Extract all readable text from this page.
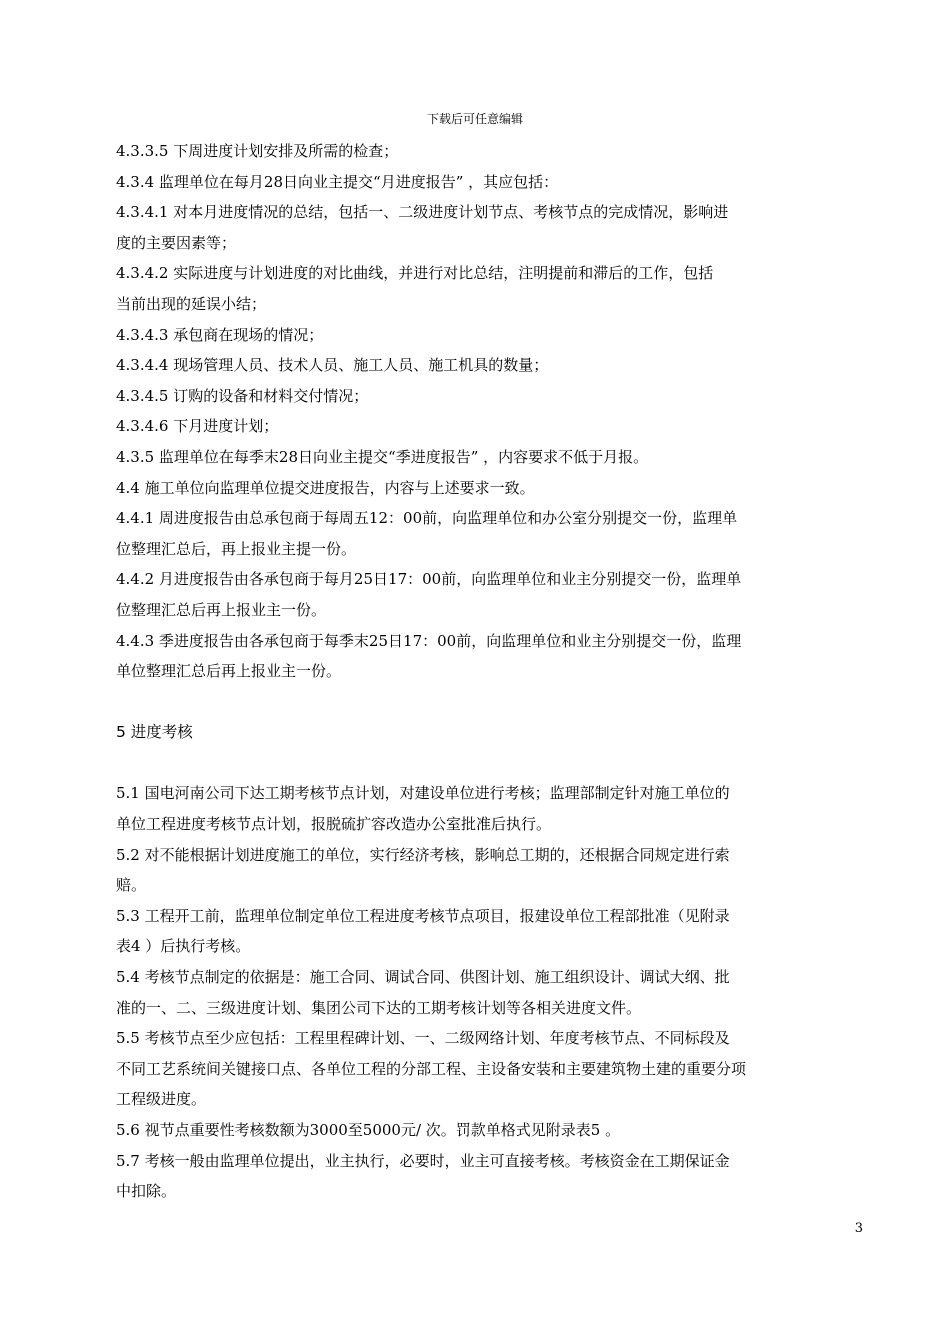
下载后可任意编辑
4.3.3.5 下周进度计划安排及所需的检查；
4.3.4 监理单位在每月28日向业主提交“月进度报告” ，其应包括：
4.3.4.1 对本月进度情况的总结，包括一、二级进度计划节点、考核节点的完成情况，影响进
度的主要因素等；
4.3.4.2 实际进度与计划进度的对比曲线，并进行对比总结，注明提前和滞后的工作，包括
当前出现的延误小结；
4.3.4.3 承包商在现场的情况；
4.3.4.4 现场管理人员、技术人员、施工人员、施工机具的数量；
4.3.4.5 订购的设备和材料交付情况；
4.3.4.6 下月进度计划；
4.3.5 监理单位在每季末28日向业主提交“季进度报告” ，内容要求不低于月报。
4.4 施工单位向监理单位提交进度报告，内容与上述要求一致。
4.4.1 周进度报告由总承包商于每周五12：00前，向监理单位和办公室分别提交一份，监理单
位整理汇总后，再上报业主提一份。
4.4.2 月进度报告由各承包商于每月25日17：00前，向监理单位和业主分别提交一份，监理单
位整理汇总后再上报业主一份。
4.4.3 季进度报告由各承包商于每季末25日17：00前，向监理单位和业主分别提交一份，监理
单位整理汇总后再上报业主一份。
5 进度考核
5.1 国电河南公司下达工期考核节点计划，对建设单位进行考核；监理部制定针对施工单位的
单位工程进度考核节点计划，报脱硫扩容改造办公室批准后执行。
5.2 对不能根据计划进度施工的单位，实行经济考核，影响总工期的，还根据合同规定进行索
赔。
5.3 工程开工前，监理单位制定单位工程进度考核节点项目，报建设单位工程部批准（见附录
表4 ）后执行考核。
5.4 考核节点制定的依据是：施工合同、调试合同、供图计划、施工组织设计、调试大纲、批
准的一、二、三级进度计划、集团公司下达的工期考核计划等各相关进度文件。
5.5 考核节点至少应包括：工程里程碑计划、一、二级网络计划、年度考核节点、不同标段及
不同工艺系统间关键接口点、各单位工程的分部工程、主设备安装和主要建筑物土建的重要分项
工程级进度。
5.6 视节点重要性考核数额为3000至5000元/ 次。罚款单格式见附录表5 。
5.7 考核一般由监理单位提出，业主执行，必要时，业主可直接考核。考核资金在工期保证金
中扣除。
3
